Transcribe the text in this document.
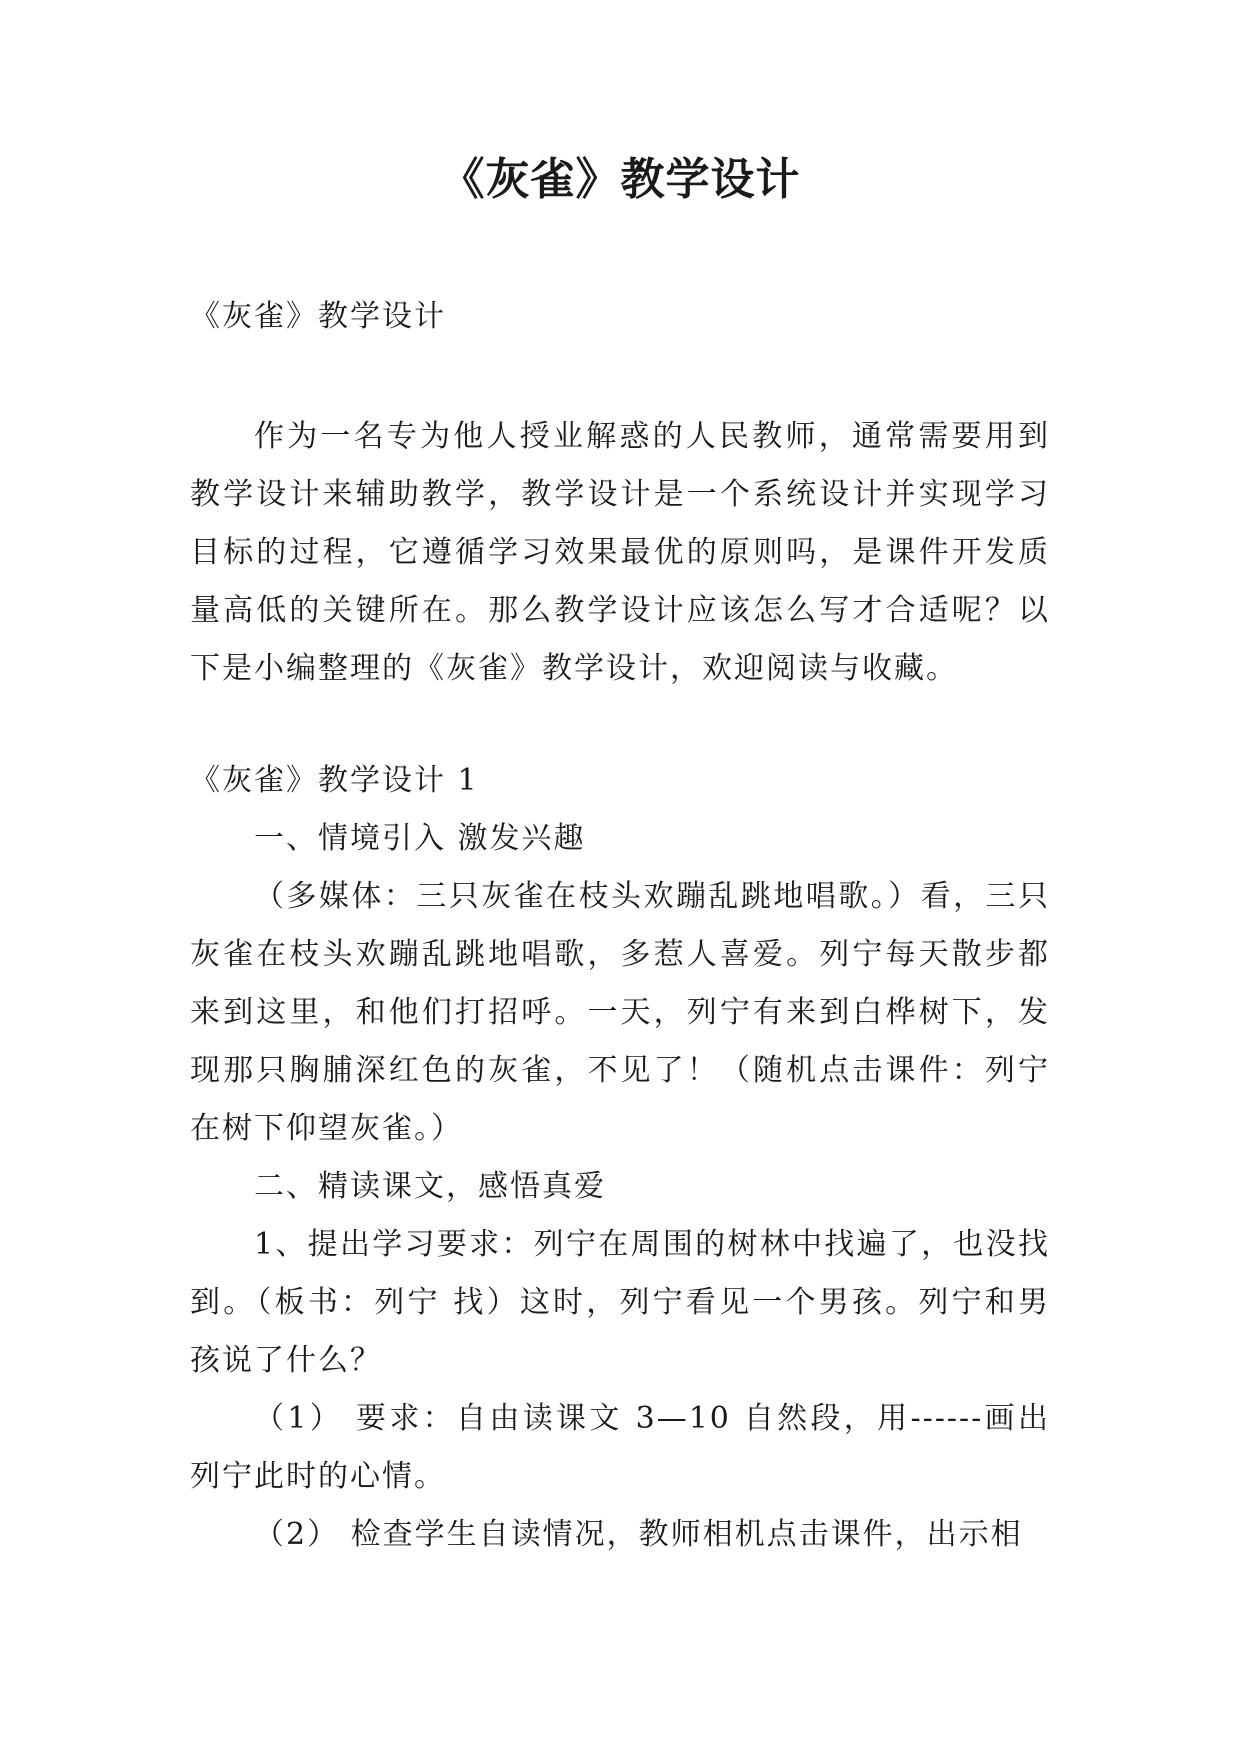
《灰雀》教学设计
《灰雀》教学设计
作为一名专为他人授业解惑的人民教师，通常需要用到教学设计来辅助教学，教学设计是一个系统设计并实现学习目标的过程，它遵循学习效果最优的原则吗，是课件开发质量高低的关键所在。那么教学设计应该怎么写才合适呢？以下是小编整理的《灰雀》教学设计，欢迎阅读与收藏。
《灰雀》教学设计 1
一、情境引入 激发兴趣
（多媒体：三只灰雀在枝头欢蹦乱跳地唱歌。）看，三只灰雀在枝头欢蹦乱跳地唱歌，多惹人喜爱。列宁每天散步都来到这里，和他们打招呼。一天，列宁有来到白桦树下，发现那只胸脯深红色的灰雀，不见了！（随机点击课件：列宁在树下仰望灰雀。）
二、精读课文，感悟真爱
1、提出学习要求：列宁在周围的树林中找遍了，也没找到。（板书：列宁 找）这时，列宁看见一个男孩。列宁和男孩说了什么？
（1） 要求：自由读课文 3—10 自然段，用------画出列宁此时的心情。
（2） 检查学生自读情况，教师相机点击课件，出示相
